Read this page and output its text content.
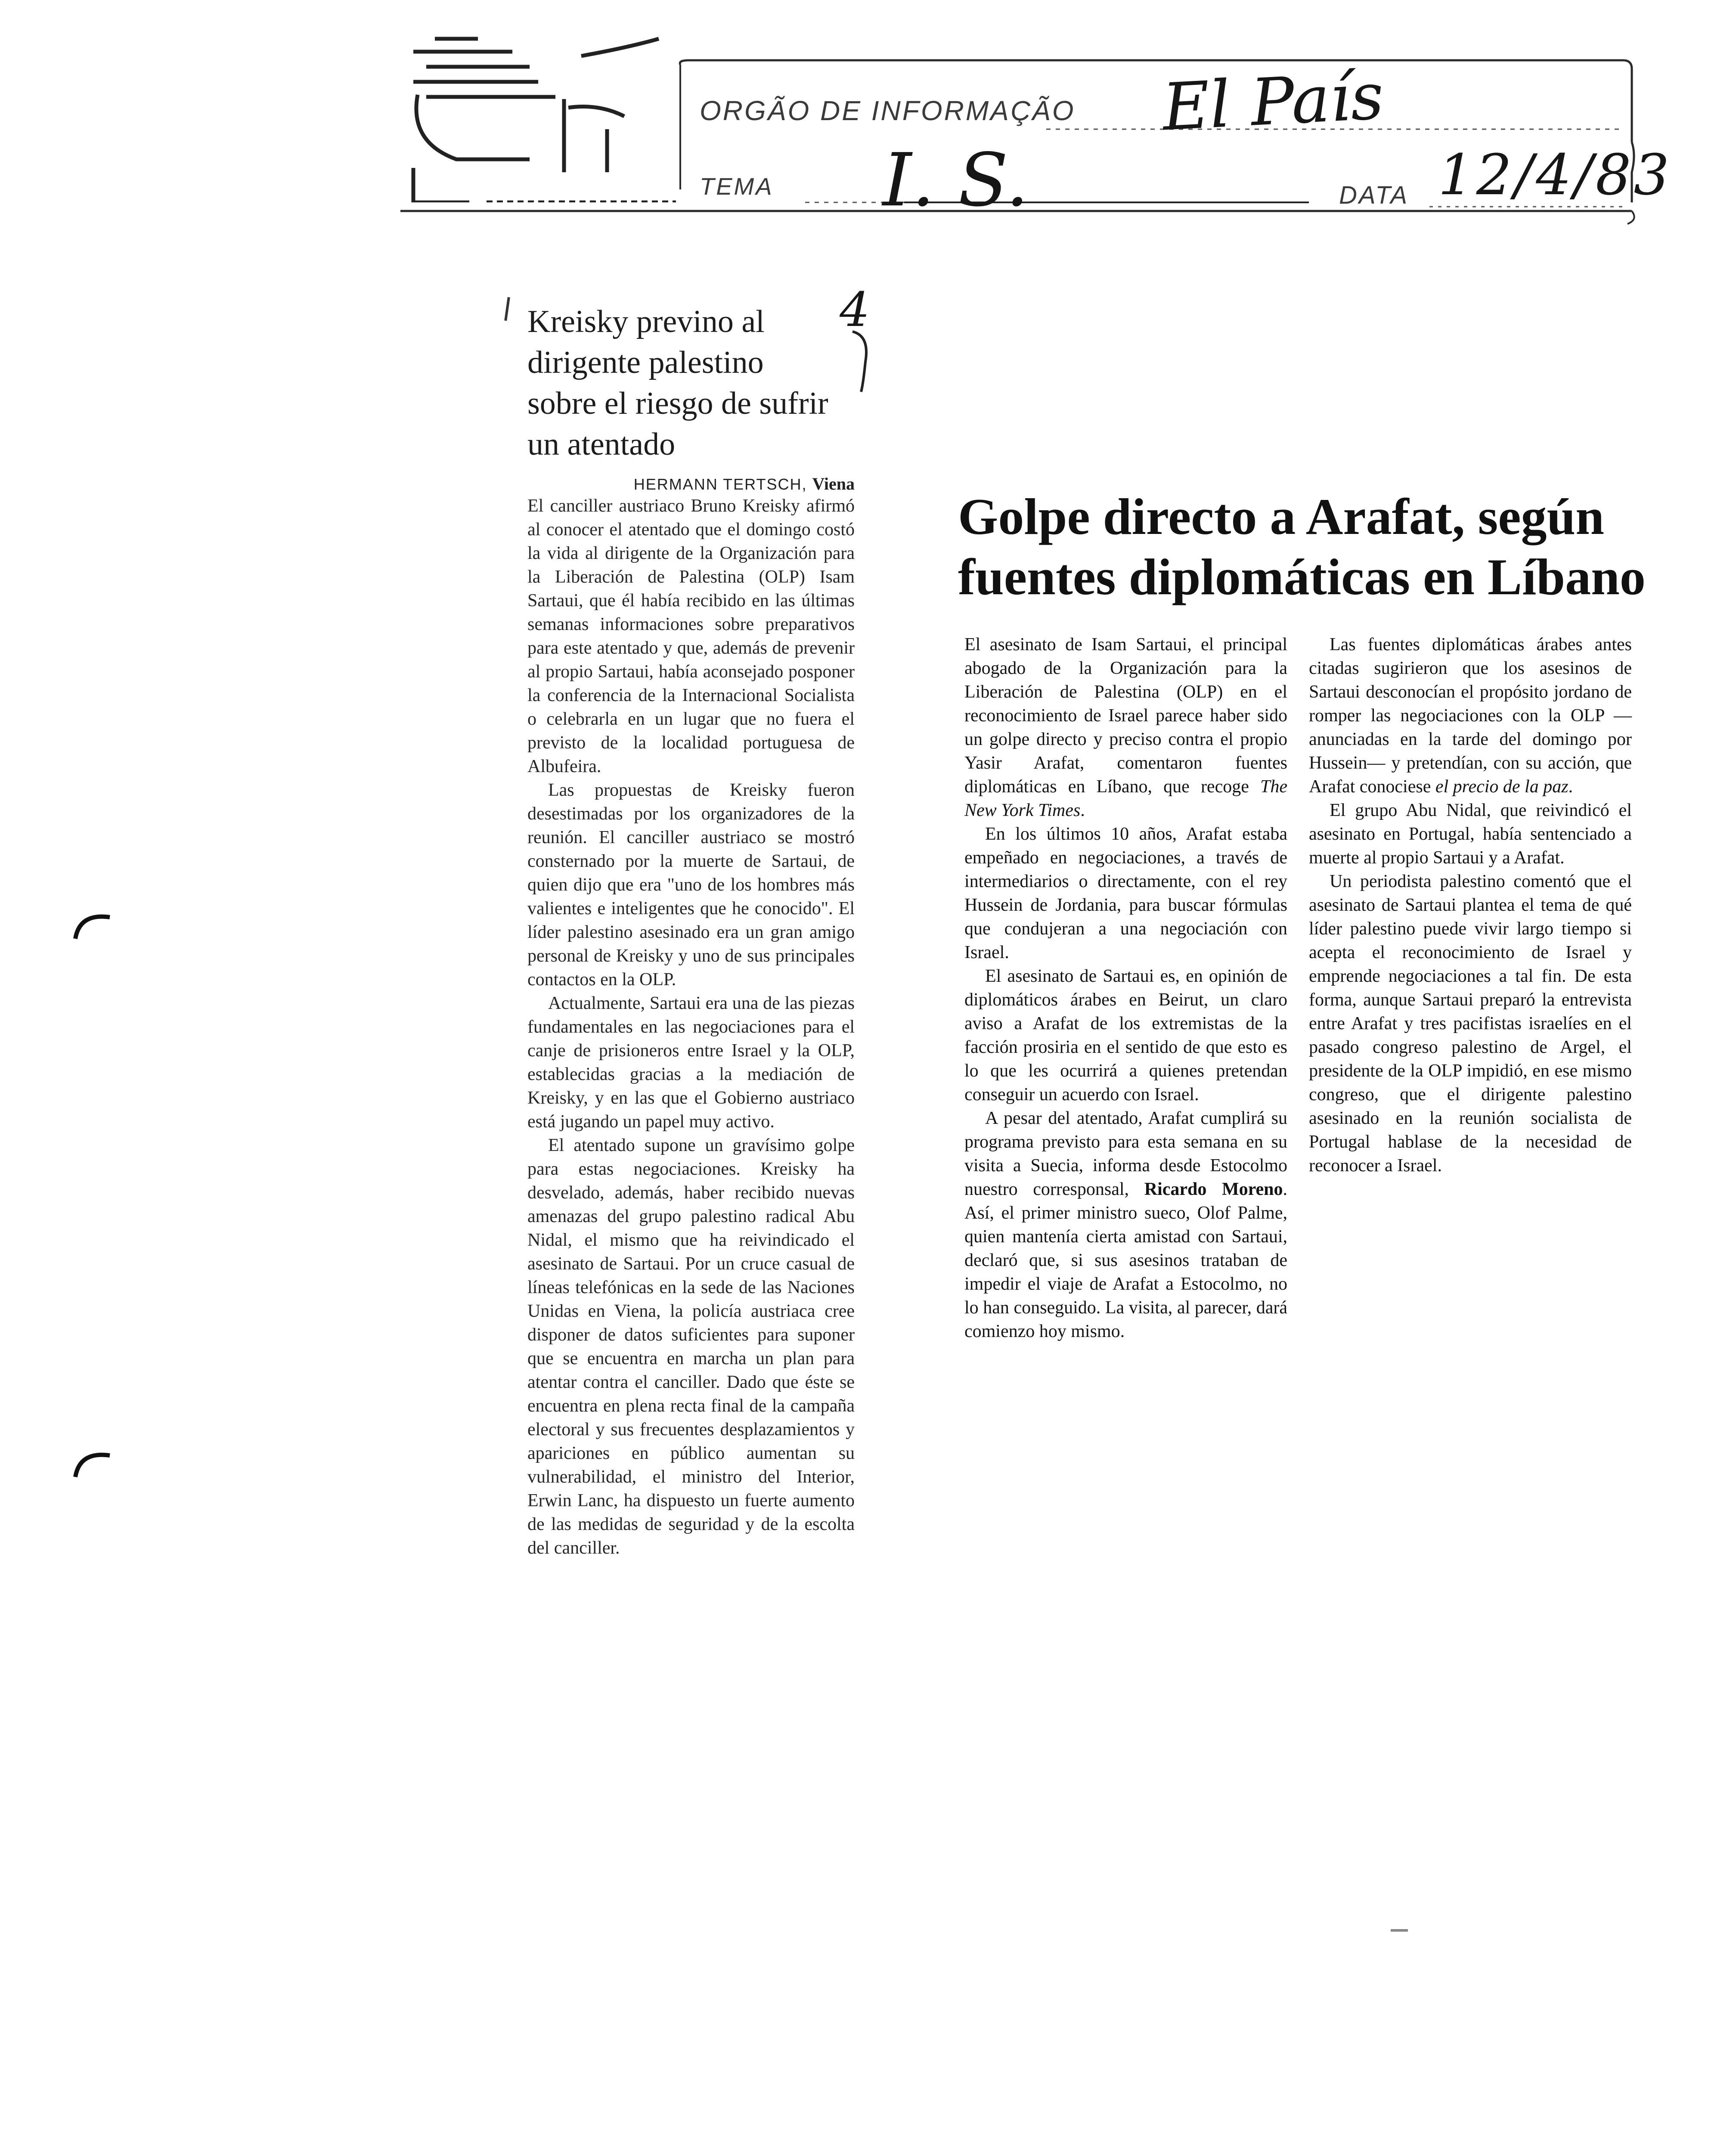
ORGÃO DE INFORMAÇÃO El País
TEMA I. S.	DATA 12/4/83
Kreisky previno al dirigente palestino sobre el riesgo de sufrir un atentado
4
HERMANN TERTSCH, Viena

El canciller austriaco Bruno Kreisky afirmó al conocer el atentado que el domingo costó la vida al dirigente de la Organización para la Liberación de Palestina (OLP) Isam Sartaui, que él había recibido en las últimas semanas informaciones sobre preparativos para este atentado y que, además de prevenir al propio Sartaui, había aconsejado posponer la conferencia de la Internacional Socialista o celebrarla en un lugar que no fuera el previsto de la localidad portuguesa de Albufeira.

Las propuestas de Kreisky fueron desestimadas por los organizadores de la reunión. El canciller austriaco se mostró consternado por la muerte de Sartaui, de quien dijo que era "uno de los hombres más valientes e inteligentes que he conocido". El líder palestino asesinado era un gran amigo personal de Kreisky y uno de sus principales contactos en la OLP.

Actualmente, Sartaui era una de las piezas fundamentales en las negociaciones para el canje de prisioneros entre Israel y la OLP, establecidas gracias a la mediación de Kreisky, y en las que el Gobierno austriaco está jugando un papel muy activo.

El atentado supone un gravísimo golpe para estas negociaciones. Kreisky ha desvelado, además, haber recibido nuevas amenazas del grupo palestino radical Abu Nidal, el mismo que ha reivindicado el asesinato de Sartaui. Por un cruce casual de líneas telefónicas en la sede de las Naciones Unidas en Viena, la policía austriaca cree disponer de datos suficientes para suponer que se encuentra en marcha un plan para atentar contra el canciller. Dado que éste se encuentra en plena recta final de la campaña electoral y sus frecuentes desplazamientos y apariciones en público aumentan su vulnerabilidad, el ministro del Interior, Erwin Lanc, ha dispuesto un fuerte aumento de las medidas de seguridad y de la escolta del canciller.

Golpe directo a Arafat, según fuentes diplomáticas en Líbano

El asesinato de Isam Sartaui, el principal abogado de la Organización para la Liberación de Palestina (OLP) en el reconocimiento de Israel parece haber sido un golpe directo y preciso contra el propio Yasir Arafat, comentaron fuentes diplomáticas en Líbano, que recoge The New York Times.

En los últimos 10 años, Arafat estaba empeñado en negociaciones, a través de intermediarios o directamente, con el rey Hussein de Jordania, para buscar fórmulas que condujeran a una negociación con Israel.

El asesinato de Sartaui es, en opinión de diplomáticos árabes en Beirut, un claro aviso a Arafat de los extremistas de la facción prosiria en el sentido de que esto es lo que les ocurrirá a quienes pretendan conseguir un acuerdo con Israel.

A pesar del atentado, Arafat cumplirá su programa previsto para esta semana en su visita a Suecia, informa desde Estocolmo nuestro corresponsal, Ricardo Moreno. Así, el primer ministro sueco, Olof Palme, quien mantenía cierta amistad con Sartaui, declaró que, si sus asesinos trataban de impedir el viaje de Arafat a Estocolmo, no lo han conseguido. La visita, al parecer, dará comienzo hoy mismo.

Las fuentes diplomáticas árabes antes citadas sugirieron que los asesinos de Sartaui desconocían el propósito jordano de romper las negociaciones con la OLP —anunciadas en la tarde del domingo por Hussein— y pretendían, con su acción, que Arafat conociese el precio de la paz.

El grupo Abu Nidal, que reivindicó el asesinato en Portugal, había sentenciado a muerte al propio Sartaui y a Arafat.

Un periodista palestino comentó que el asesinato de Sartaui plantea el tema de qué líder palestino puede vivir largo tiempo si acepta el reconocimiento de Israel y emprende negociaciones a tal fin. De esta forma, aunque Sartaui preparó la entrevista entre Arafat y tres pacifistas israelíes en el pasado congreso palestino de Argel, el presidente de la OLP impidió, en ese mismo congreso, que el dirigente palestino asesinado en la reunión socialista de Portugal hablase de la necesidad de reconocer a Israel.
